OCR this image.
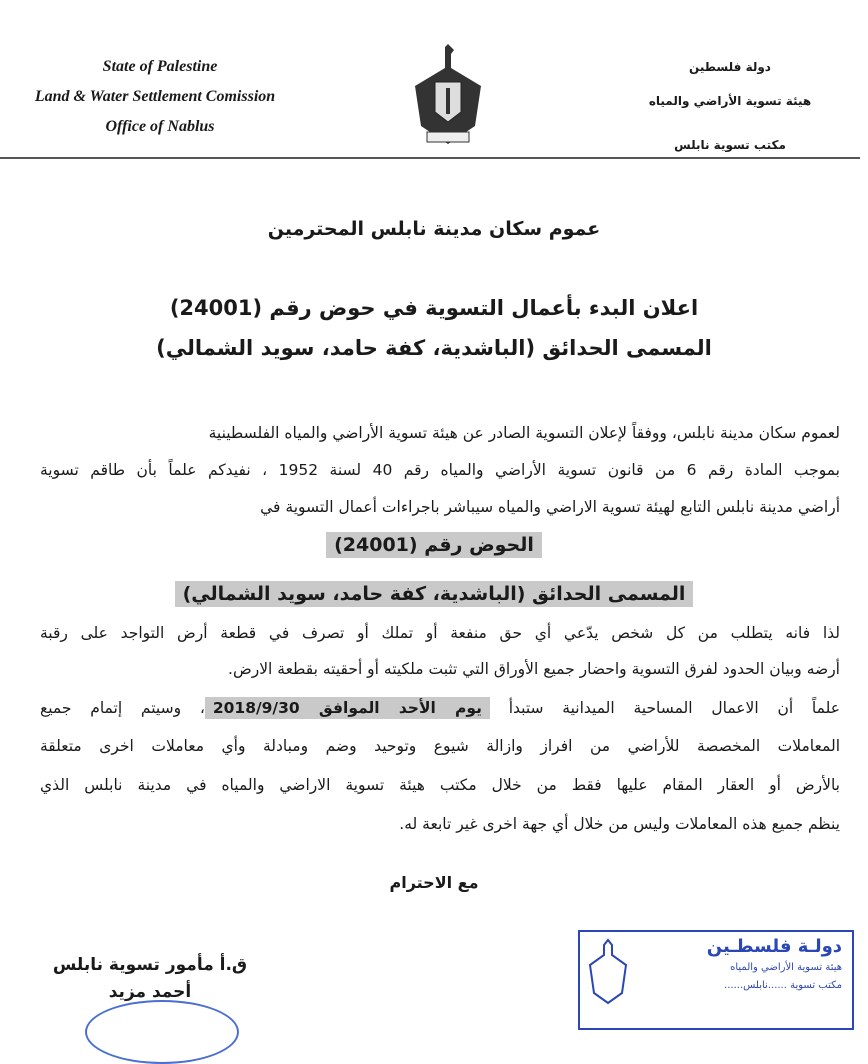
State of Palestine
Land & Water Settlement Comission
Office of Nablus
دولة فلسطين
هيئة تسوية الأراضي والمياه
مكتب تسوية نابلس
عموم سكان مدينة نابلس المحترمين
اعلان البدء بأعمال التسوية في حوض رقم (24001)
المسمى الحدائق (الباشدية، كفة حامد، سويد الشمالي)
لعموم سكان مدينة نابلس، ووفقاً لإعلان التسوية الصادر عن هيئة تسوية الأراضي والمياه الفلسطينية
بموجب المادة رقم 6 من قانون تسوية الأراضي والمياه رقم 40 لسنة 1952 ، نفيدكم علماً بأن طاقم تسوية
أراضي مدينة نابلس التابع لهيئة تسوية الاراضي والمياه سيباشر باجراءات أعمال التسوية في
الحوض رقم (24001)
المسمى الحدائق (الباشدية، كفة حامد، سويد الشمالي)
لذا فانه يتطلب من كل شخص يدّعي أي حق منفعة أو تملك أو تصرف في قطعة أرض التواجد على رقبة
أرضه وبيان الحدود لفرق التسوية واحضار جميع الأوراق التي تثبت ملكيته أو أحقيته بقطعة الارض.
علماً أن الاعمال المساحية الميدانية ستبدأ يوم الأحد الموافق 2018/9/30، وسيتم إتمام جميع
المعاملات المخصصة للأراضي من افراز وازالة شيوع وتوحيد وضم ومبادلة وأي معاملات اخرى متعلقة
بالأرض أو العقار المقام عليها فقط من خلال مكتب هيئة تسوية الاراضي والمياه في مدينة نابلس الذي
ينظم جميع هذه المعاملات وليس من خلال أي جهة اخرى غير تابعة له.
مع الاحترام
ق.أ مأمور تسوية نابلس
أحمد مزيد
دولـة فلسطـين
هيئة تسوية الأراضي والمياه
مكتب تسوية ......نابلس......
